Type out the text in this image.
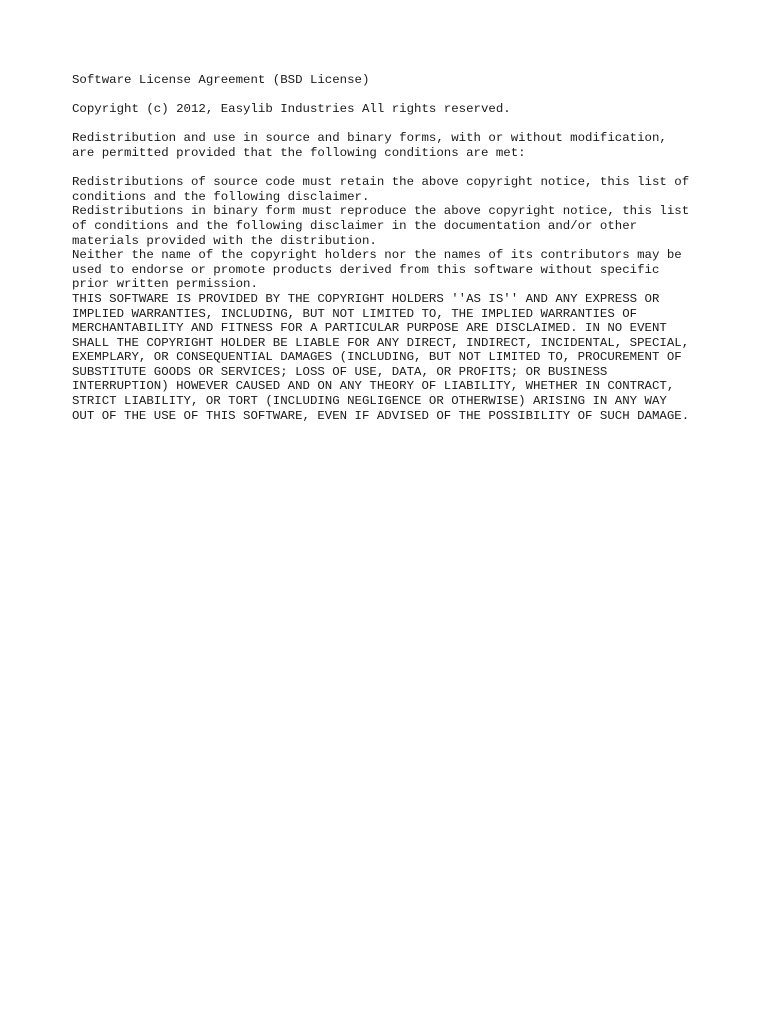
Software License Agreement (BSD License)
Copyright (c) 2012, Easylib Industries All rights reserved.
Redistribution and use in source and binary forms, with or without modification,
are permitted provided that the following conditions are met:
Redistributions of source code must retain the above copyright notice, this list of
conditions and the following disclaimer.
Redistributions in binary form must reproduce the above copyright notice, this list
of conditions and the following disclaimer in the documentation and/or other
materials provided with the distribution.
Neither the name of the copyright holders nor the names of its contributors may be
used to endorse or promote products derived from this software without specific
prior written permission.
THIS SOFTWARE IS PROVIDED BY THE COPYRIGHT HOLDERS ''AS IS'' AND ANY EXPRESS OR
IMPLIED WARRANTIES, INCLUDING, BUT NOT LIMITED TO, THE IMPLIED WARRANTIES OF
MERCHANTABILITY AND FITNESS FOR A PARTICULAR PURPOSE ARE DISCLAIMED. IN NO EVENT
SHALL THE COPYRIGHT HOLDER BE LIABLE FOR ANY DIRECT, INDIRECT, INCIDENTAL, SPECIAL,
EXEMPLARY, OR CONSEQUENTIAL DAMAGES (INCLUDING, BUT NOT LIMITED TO, PROCUREMENT OF
SUBSTITUTE GOODS OR SERVICES; LOSS OF USE, DATA, OR PROFITS; OR BUSINESS
INTERRUPTION) HOWEVER CAUSED AND ON ANY THEORY OF LIABILITY, WHETHER IN CONTRACT,
STRICT LIABILITY, OR TORT (INCLUDING NEGLIGENCE OR OTHERWISE) ARISING IN ANY WAY
OUT OF THE USE OF THIS SOFTWARE, EVEN IF ADVISED OF THE POSSIBILITY OF SUCH DAMAGE.
